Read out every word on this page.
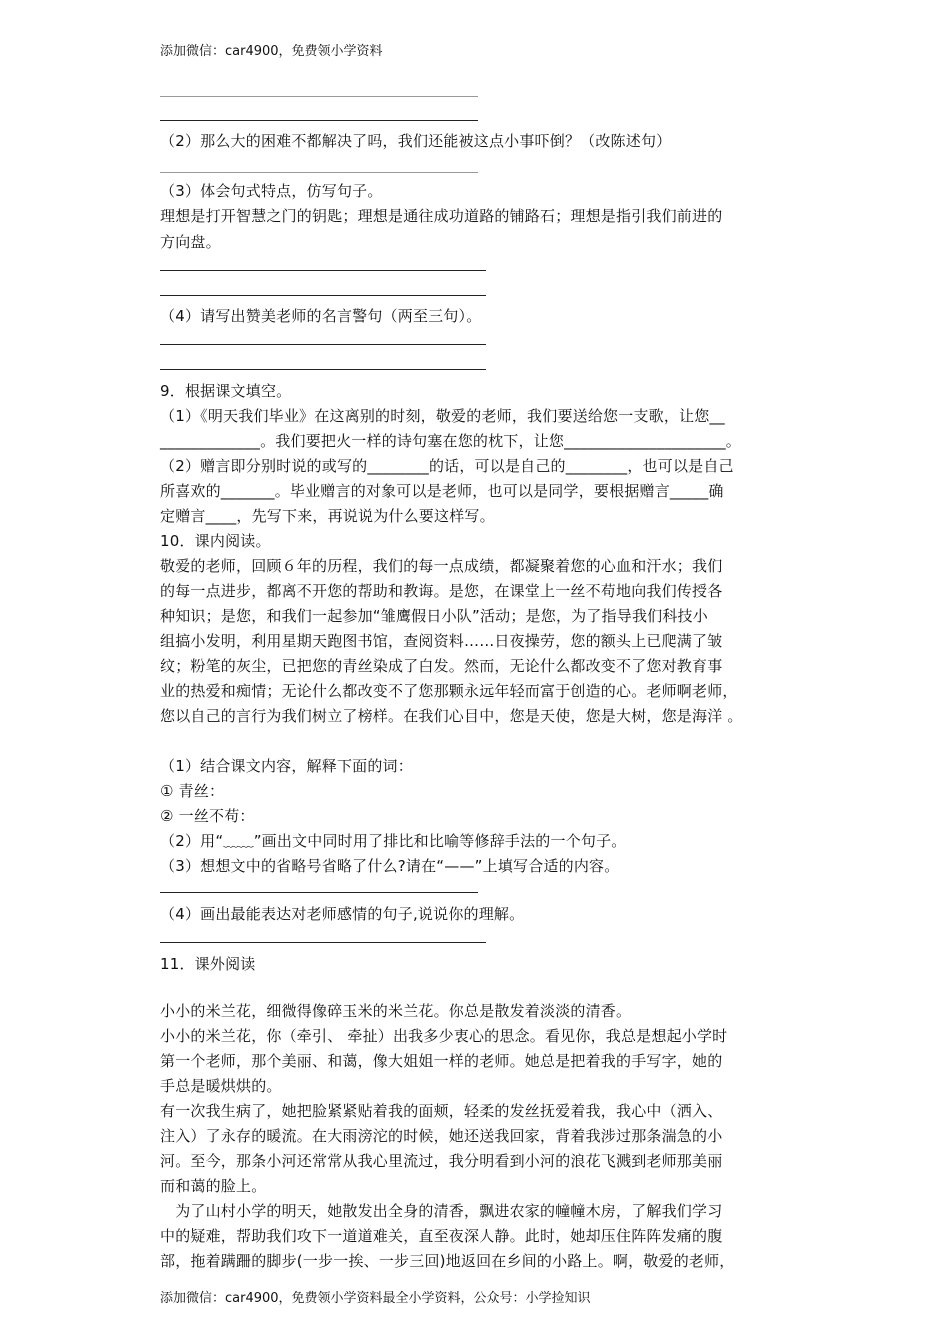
添加微信：car4900，免费领小学资料
（2）那么大的困难不都解决了吗，我们还能被这点小事吓倒？（改陈述句）
（3）体会句式特点，仿写句子。
理想是打开智慧之门的钥匙；理想是通往成功道路的铺路石；理想是指引我们前进的
方向盘。
（4）请写出赞美老师的名言警句（两至三句）。
9．根据课文填空。
（1）《明天我们毕业》在这离别的时刻，敬爱的老师，我们要送给您一支歌，让您__
_____________。我们要把火一样的诗句塞在您的枕下，让您_____________________。
（2）赠言即分别时说的或写的________的话，可以是自己的________，也可以是自己
所喜欢的_______。毕业赠言的对象可以是老师，也可以是同学，要根据赠言_____确
定赠言____，先写下来，再说说为什么要这样写。
10．课内阅读。
敬爱的老师，回顾６年的历程，我们的每一点成绩，都凝聚着您的心血和汗水；我们
的每一点进步，都离不开您的帮助和教诲。是您，在课堂上一丝不苟地向我们传授各
种知识；是您，和我们一起参加“雏鹰假日小队”活动；是您，为了指导我们科技小
组搞小发明，利用星期天跑图书馆，查阅资料……日夜操劳，您的额头上已爬满了皱
纹；粉笔的灰尘，已把您的青丝染成了白发。然而，无论什么都改变不了您对教育事
业的热爱和痴情；无论什么都改变不了您那颗永远年轻而富于创造的心。老师啊老师，
您以自己的言行为我们树立了榜样。在我们心目中，您是天使，您是大树，您是海洋 。
（1）结合课文内容，解释下面的词：
① 青丝：
② 一丝不苟：
（2）用“﹏﹏”画出文中同时用了排比和比喻等修辞手法的一个句子。
（3）想想文中的省略号省略了什么?请在“——”上填写合适的内容。
（4）画出最能表达对老师感情的句子,说说你的理解。
11．课外阅读
小小的米兰花，细微得像碎玉米的米兰花。你总是散发着淡淡的清香。
小小的米兰花，你（牵引、 牵扯）出我多少衷心的思念。看见你，我总是想起小学时
第一个老师，那个美丽、和蔼，像大姐姐一样的老师。她总是把着我的手写字，她的
手总是暖烘烘的。
有一次我生病了，她把脸紧紧贴着我的面颊，轻柔的发丝抚爱着我，我心中（洒入、
注入）了永存的暖流。在大雨滂沱的时候，她还送我回家，背着我涉过那条湍急的小
河。至今，那条小河还常常从我心里流过，我分明看到小河的浪花飞溅到老师那美丽
而和蔼的脸上。
　为了山村小学的明天，她散发出全身的清香，飘进农家的幢幢木房，了解我们学习
中的疑难，帮助我们攻下一道道难关，直至夜深人静。此时，她却压住阵阵发痛的腹
部，拖着蹒跚的脚步(一步一挨、一步三回)地返回在乡间的小路上。啊，敬爱的老师，
添加微信：car4900，免费领小学资料最全小学资料，公众号：小学捡知识
